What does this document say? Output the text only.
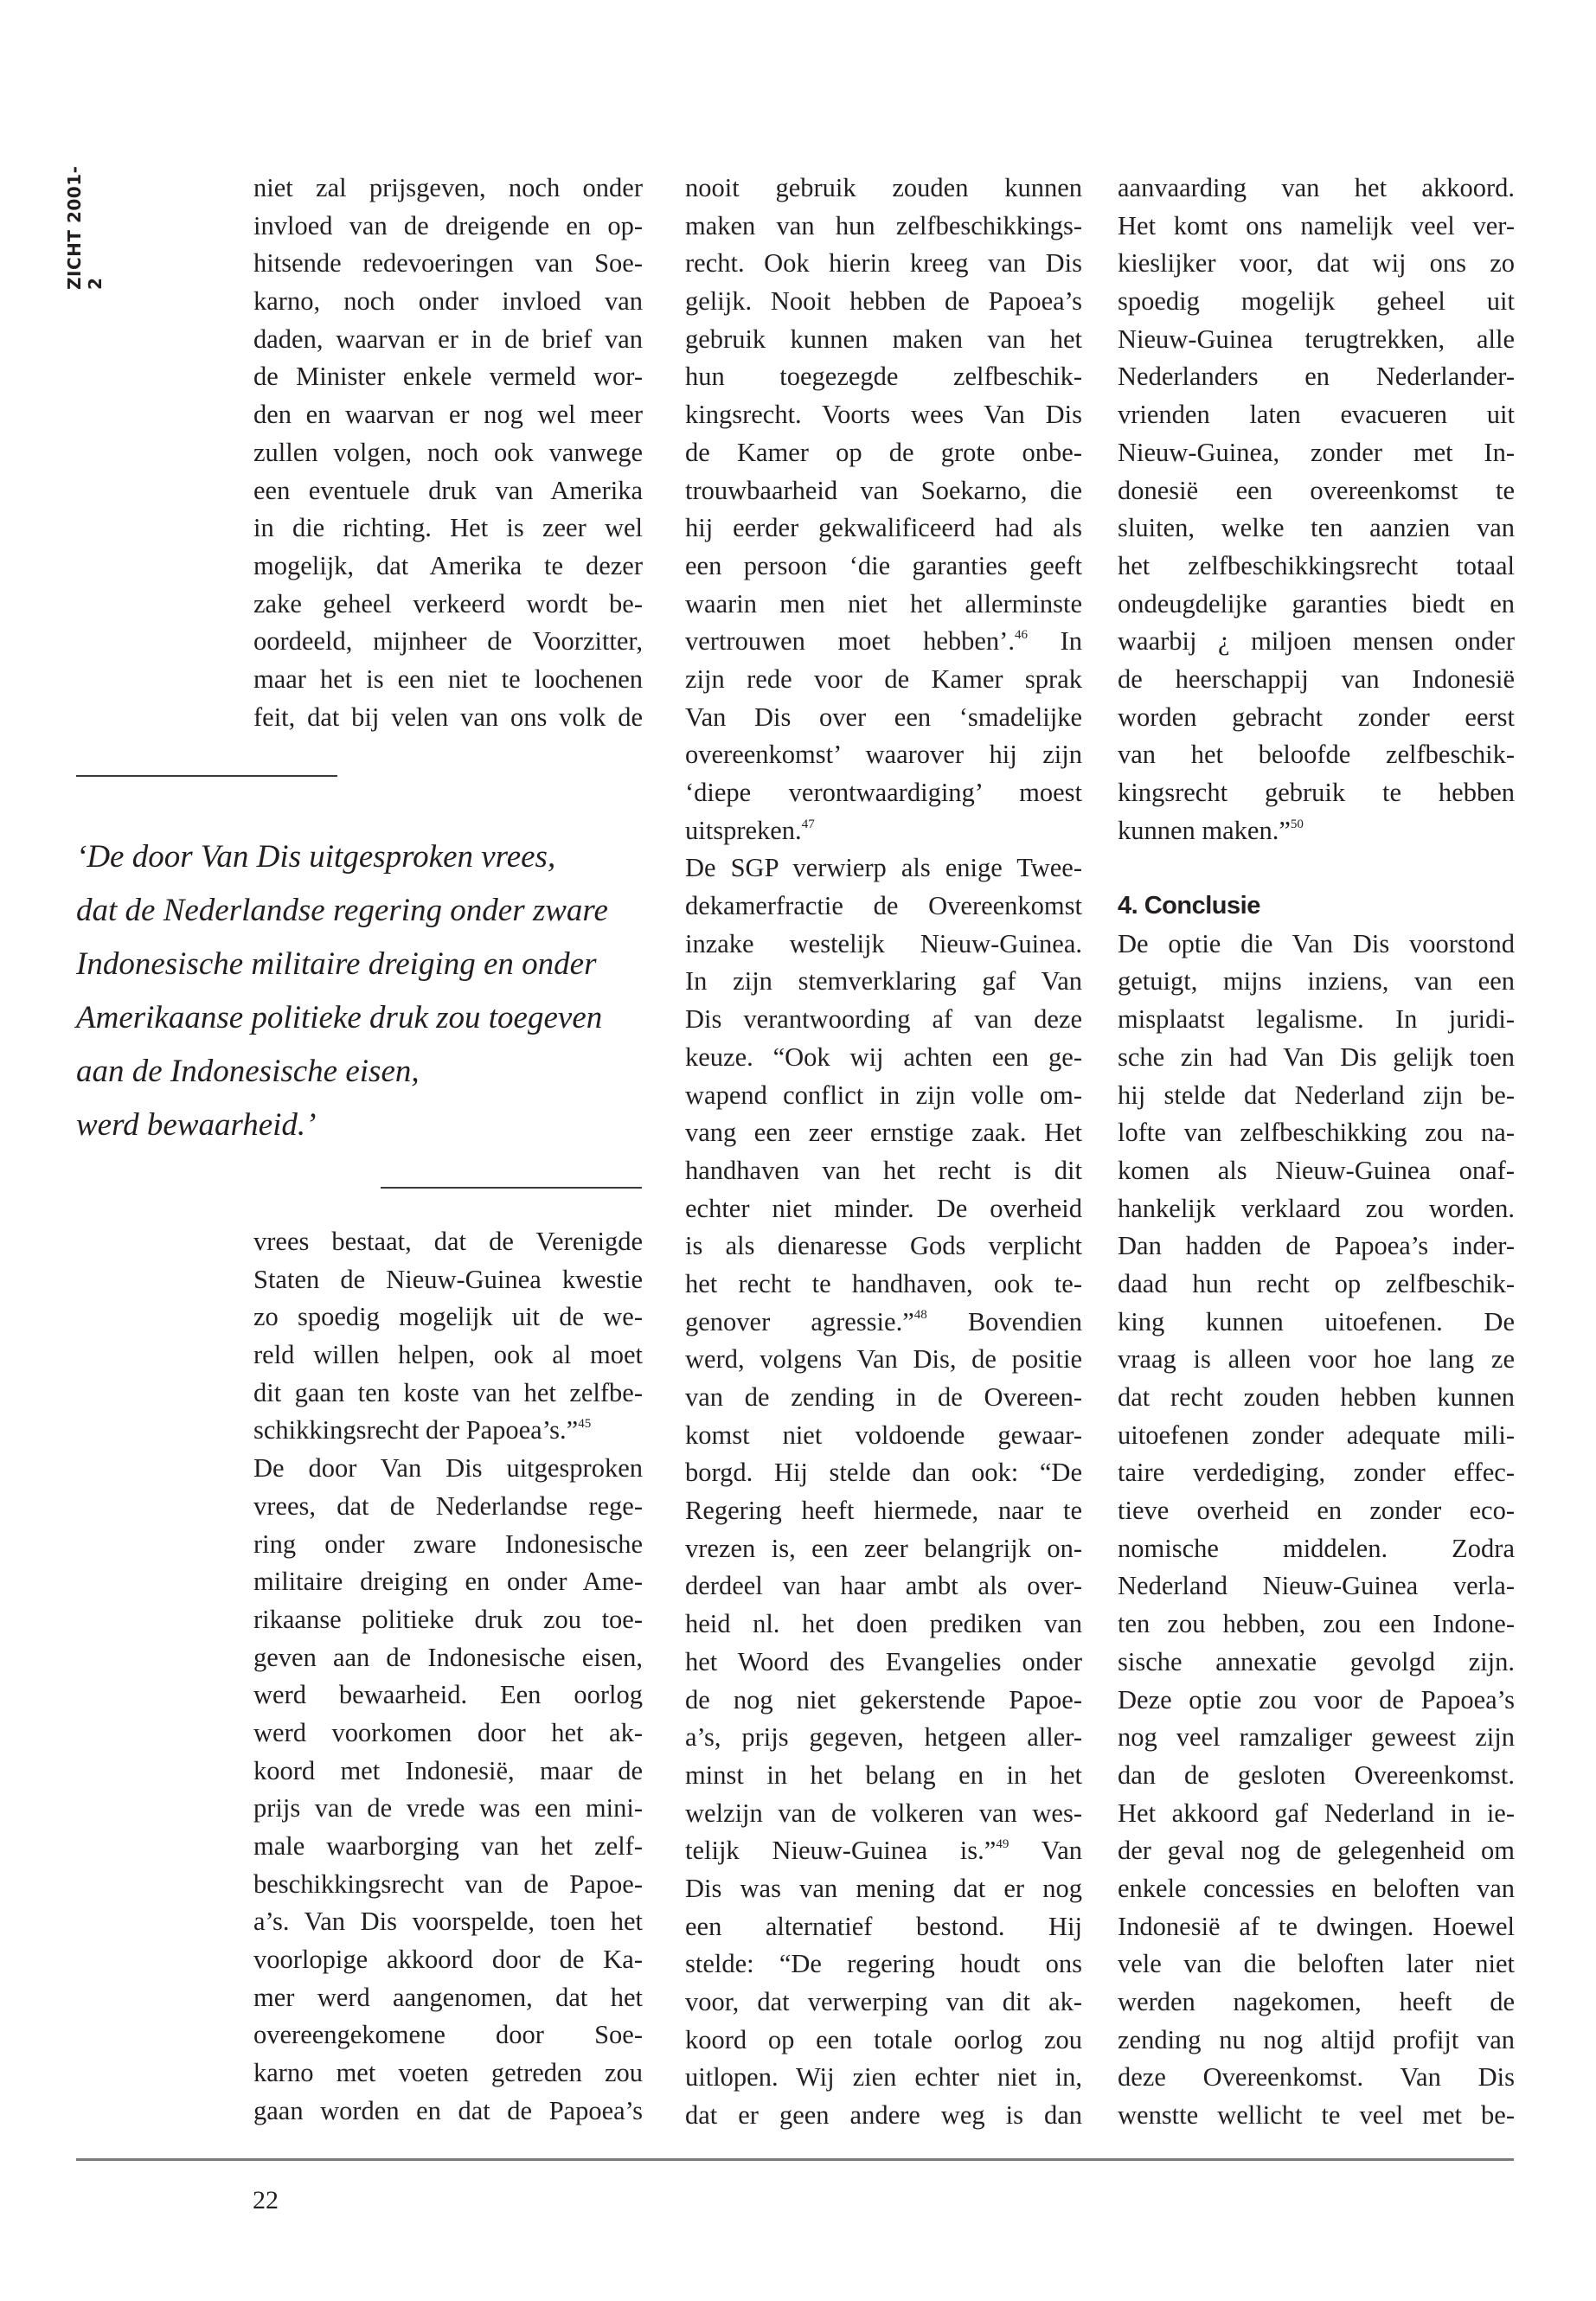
ZICHT 2001-2
niet zal prijsgeven, noch onder
invloed van de dreigende en op-
hitsende redevoeringen van Soe-
karno, noch onder invloed van
daden, waarvan er in de brief van
de Minister enkele vermeld wor-
den en waarvan er nog wel meer
zullen volgen, noch ook vanwege
een eventuele druk van Amerika
in die richting. Het is zeer wel
mogelijk, dat Amerika te dezer
zake geheel verkeerd wordt be-
oordeeld, mijnheer de Voorzitter,
maar het is een niet te loochenen
feit, dat bij velen van ons volk de
‘De door Van Dis uitgesproken vrees,
dat de Nederlandse regering onder zware
Indonesische militaire dreiging en onder
Amerikaanse politieke druk zou toegeven
aan de Indonesische eisen,
werd bewaarheid.’
vrees bestaat, dat de Verenigde
Staten de Nieuw-Guinea kwestie
zo spoedig mogelijk uit de we-
reld willen helpen, ook al moet
dit gaan ten koste van het zelfbe-
schikkingsrecht der Papoea’s.”$^{45}$
De door Van Dis uitgesproken
vrees, dat de Nederlandse rege-
ring onder zware Indonesische
militaire dreiging en onder Ame-
rikaanse politieke druk zou toe-
geven aan de Indonesische eisen,
werd bewaarheid. Een oorlog
werd voorkomen door het ak-
koord met Indonesië, maar de
prijs van de vrede was een mini-
male waarborging van het zelf-
beschikkingsrecht van de Papoe-
a’s. Van Dis voorspelde, toen het
voorlopige akkoord door de Ka-
mer werd aangenomen, dat het
overeengekomene door Soe-
karno met voeten getreden zou
gaan worden en dat de Papoea’s
nooit gebruik zouden kunnen
maken van hun zelfbeschikkings-
recht. Ook hierin kreeg van Dis
gelijk. Nooit hebben de Papoea’s
gebruik kunnen maken van het
hun toegezegde zelfbeschik-
kingsrecht. Voorts wees Van Dis
de Kamer op de grote onbe-
trouwbaarheid van Soekarno, die
hij eerder gekwalificeerd had als
een persoon ‘die garanties geeft
waarin men niet het allerminste
vertrouwen moet hebben’.$^{46}$ In
zijn rede voor de Kamer sprak
Van Dis over een ‘smadelijke
overeenkomst’ waarover hij zijn
‘diepe verontwaardiging’ moest
uitspreken.$^{47}$
De SGP verwierp als enige Twee-
dekamerfractie de Overeenkomst
inzake westelijk Nieuw-Guinea.
In zijn stemverklaring gaf Van
Dis verantwoording af van deze
keuze. “Ook wij achten een ge-
wapend conflict in zijn volle om-
vang een zeer ernstige zaak. Het
handhaven van het recht is dit
echter niet minder. De overheid
is als dienaresse Gods verplicht
het recht te handhaven, ook te-
genover agressie.”$^{48}$ Bovendien
werd, volgens Van Dis, de positie
van de zending in de Overeen-
komst niet voldoende gewaar-
borgd. Hij stelde dan ook: “De
Regering heeft hiermede, naar te
vrezen is, een zeer belangrijk on-
derdeel van haar ambt als over-
heid nl. het doen prediken van
het Woord des Evangelies onder
de nog niet gekerstende Papoe-
a’s, prijs gegeven, hetgeen aller-
minst in het belang en in het
welzijn van de volkeren van wes-
telijk Nieuw-Guinea is.”$^{49}$ Van
Dis was van mening dat er nog
een alternatief bestond. Hij
stelde: “De regering houdt ons
voor, dat verwerping van dit ak-
koord op een totale oorlog zou
uitlopen. Wij zien echter niet in,
dat er geen andere weg is dan
aanvaarding van het akkoord.
Het komt ons namelijk veel ver-
kieslijker voor, dat wij ons zo
spoedig mogelijk geheel uit
Nieuw-Guinea terugtrekken, alle
Nederlanders en Nederlander-
vrienden laten evacueren uit
Nieuw-Guinea, zonder met In-
donesië een overeenkomst te
sluiten, welke ten aanzien van
het zelfbeschikkingsrecht totaal
ondeugdelijke garanties biedt en
waarbij ¿ miljoen mensen onder
de heerschappij van Indonesië
worden gebracht zonder eerst
van het beloofde zelfbeschik-
kingsrecht gebruik te hebben
kunnen maken.”$^{50}$
4. Conclusie
De optie die Van Dis voorstond
getuigt, mijns inziens, van een
misplaatst legalisme. In juridi-
sche zin had Van Dis gelijk toen
hij stelde dat Nederland zijn be-
lofte van zelfbeschikking zou na-
komen als Nieuw-Guinea onaf-
hankelijk verklaard zou worden.
Dan hadden de Papoea’s inder-
daad hun recht op zelfbeschik-
king kunnen uitoefenen. De
vraag is alleen voor hoe lang ze
dat recht zouden hebben kunnen
uitoefenen zonder adequate mili-
taire verdediging, zonder effec-
tieve overheid en zonder eco-
nomische middelen. Zodra
Nederland Nieuw-Guinea verla-
ten zou hebben, zou een Indone-
sische annexatie gevolgd zijn.
Deze optie zou voor de Papoea’s
nog veel ramzaliger geweest zijn
dan de gesloten Overeenkomst.
Het akkoord gaf Nederland in ie-
der geval nog de gelegenheid om
enkele concessies en beloften van
Indonesië af te dwingen. Hoewel
vele van die beloften later niet
werden nagekomen, heeft de
zending nu nog altijd profijt van
deze Overeenkomst. Van Dis
wenstte wellicht te veel met be-
22
